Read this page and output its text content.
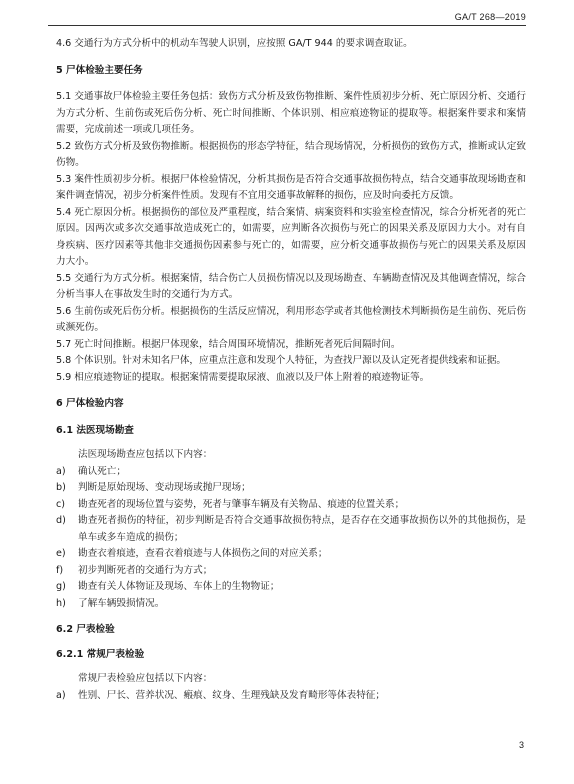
GA/T 268—2019

4.6 交通行为方式分析中的机动车驾驶人识别，应按照 GA/T 944 的要求调查取证。

5 尸体检验主要任务

5.1 交通事故尸体检验主要任务包括：致伤方式分析及致伤物推断、案件性质初步分析、死亡原因分析、交通行为方式分析、生前伤或死后伤分析、死亡时间推断、个体识别、相应痕迹物证的提取等。根据案件要求和案情需要，完成前述一项或几项任务。

5.2 致伤方式分析及致伤物推断。根据损伤的形态学特征，结合现场情况，分析损伤的致伤方式，推断或认定致伤物。

5.3 案件性质初步分析。根据尸体检验情况，分析其损伤是否符合交通事故损伤特点，结合交通事故现场勘查和案件调查情况，初步分析案件性质。发现有不宜用交通事故解释的损伤，应及时向委托方反馈。

5.4 死亡原因分析。根据损伤的部位及严重程度，结合案情、病案资料和实验室检查情况，综合分析死者的死亡原因。因两次或多次交通事故造成死亡的，如需要，应判断各次损伤与死亡的因果关系及原因力大小。对有自身疾病、医疗因素等其他非交通损伤因素参与死亡的，如需要，应分析交通事故损伤与死亡的因果关系及原因力大小。

5.5 交通行为方式分析。根据案情，结合伤亡人员损伤情况以及现场勘查、车辆勘查情况及其他调查情况，综合分析当事人在事故发生时的交通行为方式。

5.6 生前伤或死后伤分析。根据损伤的生活反应情况，利用形态学或者其他检测技术判断损伤是生前伤、死后伤或濒死伤。

5.7 死亡时间推断。根据尸体现象，结合周围环境情况，推断死者死后间隔时间。

5.8 个体识别。针对未知名尸体，应重点注意和发现个人特征，为查找尸源以及认定死者提供线索和证据。

5.9 相应痕迹物证的提取。根据案情需要提取尿液、血液以及尸体上附着的痕迹物证等。

6 尸体检验内容

6.1 法医现场勘查

法医现场勘查应包括以下内容：

a)	确认死亡；
b)	判断是原始现场、变动现场或抛尸现场；
c)	勘查死者的现场位置与姿势，死者与肇事车辆及有关物品、痕迹的位置关系；
d)	勘查死者损伤的特征，初步判断是否符合交通事故损伤特点，是否存在交通事故损伤以外的其他损伤，是单车或多车造成的损伤；
e)	勘查衣着痕迹，查看衣着痕迹与人体损伤之间的对应关系；
f)	初步判断死者的交通行为方式；
g)	勘查有关人体物证及现场、车体上的生物物证；
h)	了解车辆毁损情况。

6.2 尸表检验

6.2.1 常规尸表检验

常规尸表检验应包括以下内容：

a)	性别、尸长、营养状况、瘢痕、纹身、生理残缺及发育畸形等体表特征；
3
